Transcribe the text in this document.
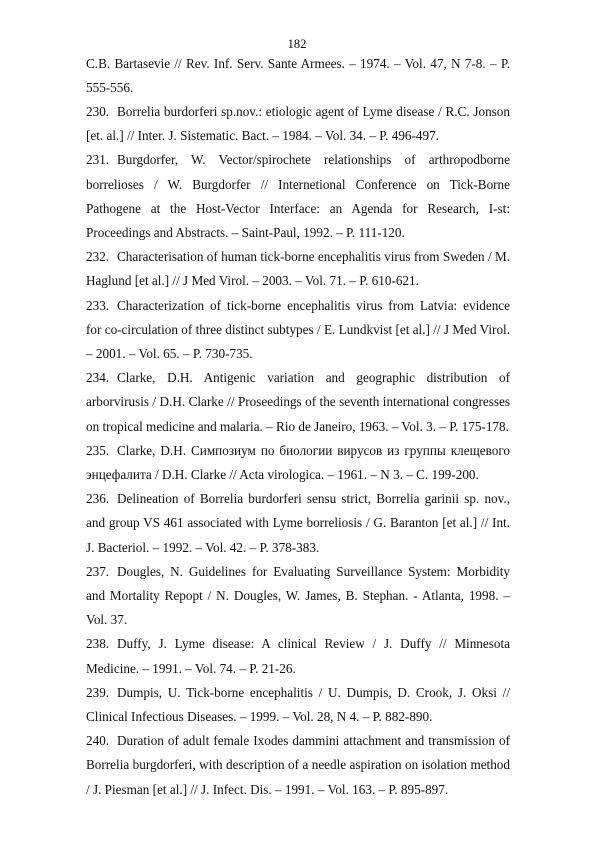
182

C.B. Bartasevie // Rev. Inf. Serv. Sante Armees. – 1974. – Vol. 47, N 7-8. – P. 555-556.

230. Borrelia burdorferi sp.nov.: etiologic agent of Lyme disease / R.C. Jonson [et. al.] // Inter. J. Sistematic. Bact. – 1984. – Vol. 34. – P. 496-497.

231. Burgdorfer, W. Vector/spirochete relationships of arthropodborne borrelioses / W. Burgdorfer // Internetional Conference on Tick-Borne Pathogene at the Host-Vector Interface: an Agenda for Research, I-st: Proceedings and Abstracts. – Saint-Paul, 1992. – P. 111-120.

232. Characterisation of human tick-borne encephalitis virus from Sweden / M. Haglund [et al.] // J Med Virol. – 2003. – Vol. 71. – P. 610-621.

233. Characterization of tick-borne encephalitis virus from Latvia: evidence for co-circulation of three distinct subtypes / E. Lundkvist [et al.] // J Med Virol. – 2001. – Vol. 65. – P. 730-735.

234. Clarke, D.H. Antigenic variation and geographic distribution of arborvirusis / D.H. Clarke // Proseedings of the seventh international congresses on tropical medicine and malaria. – Rio de Janeiro, 1963. – Vol. 3. – P. 175-178.

235. Clarke, D.H. Симпозиум по биологии вирусов из группы клещевого энцефалита / D.H. Clarke // Acta virologica. – 1961. – N 3. – C. 199-200.

236. Delineation of Borrelia burdorferi sensu strict, Borrelia garinii sp. nov., and group VS 461 associated with Lyme borreliosis / G. Baranton [et al.] // Int. J. Bacteriol. – 1992. – Vol. 42. – P. 378-383.

237. Dougles, N. Guidelines for Evaluating Surveillance System: Morbidity and Mortality Repopt / N. Dougles, W. James, B. Stephan. - Atlanta, 1998. – Vol. 37.

238. Duffy, J. Lyme disease: A clinical Review / J. Duffy // Minnesota Medicine. – 1991. – Vol. 74. – P. 21-26.

239. Dumpis, U. Tick-borne encephalitis / U. Dumpis, D. Crook, J. Oksi // Clinical Infectious Diseases. – 1999. – Vol. 28, N 4. – P. 882-890.

240. Duration of adult female Ixodes dammini attachment and transmission of Borrelia burgdorferi, with description of a needle aspiration on isolation method / J. Piesman [et al.] // J. Infect. Dis. – 1991. – Vol. 163. – P. 895-897.
